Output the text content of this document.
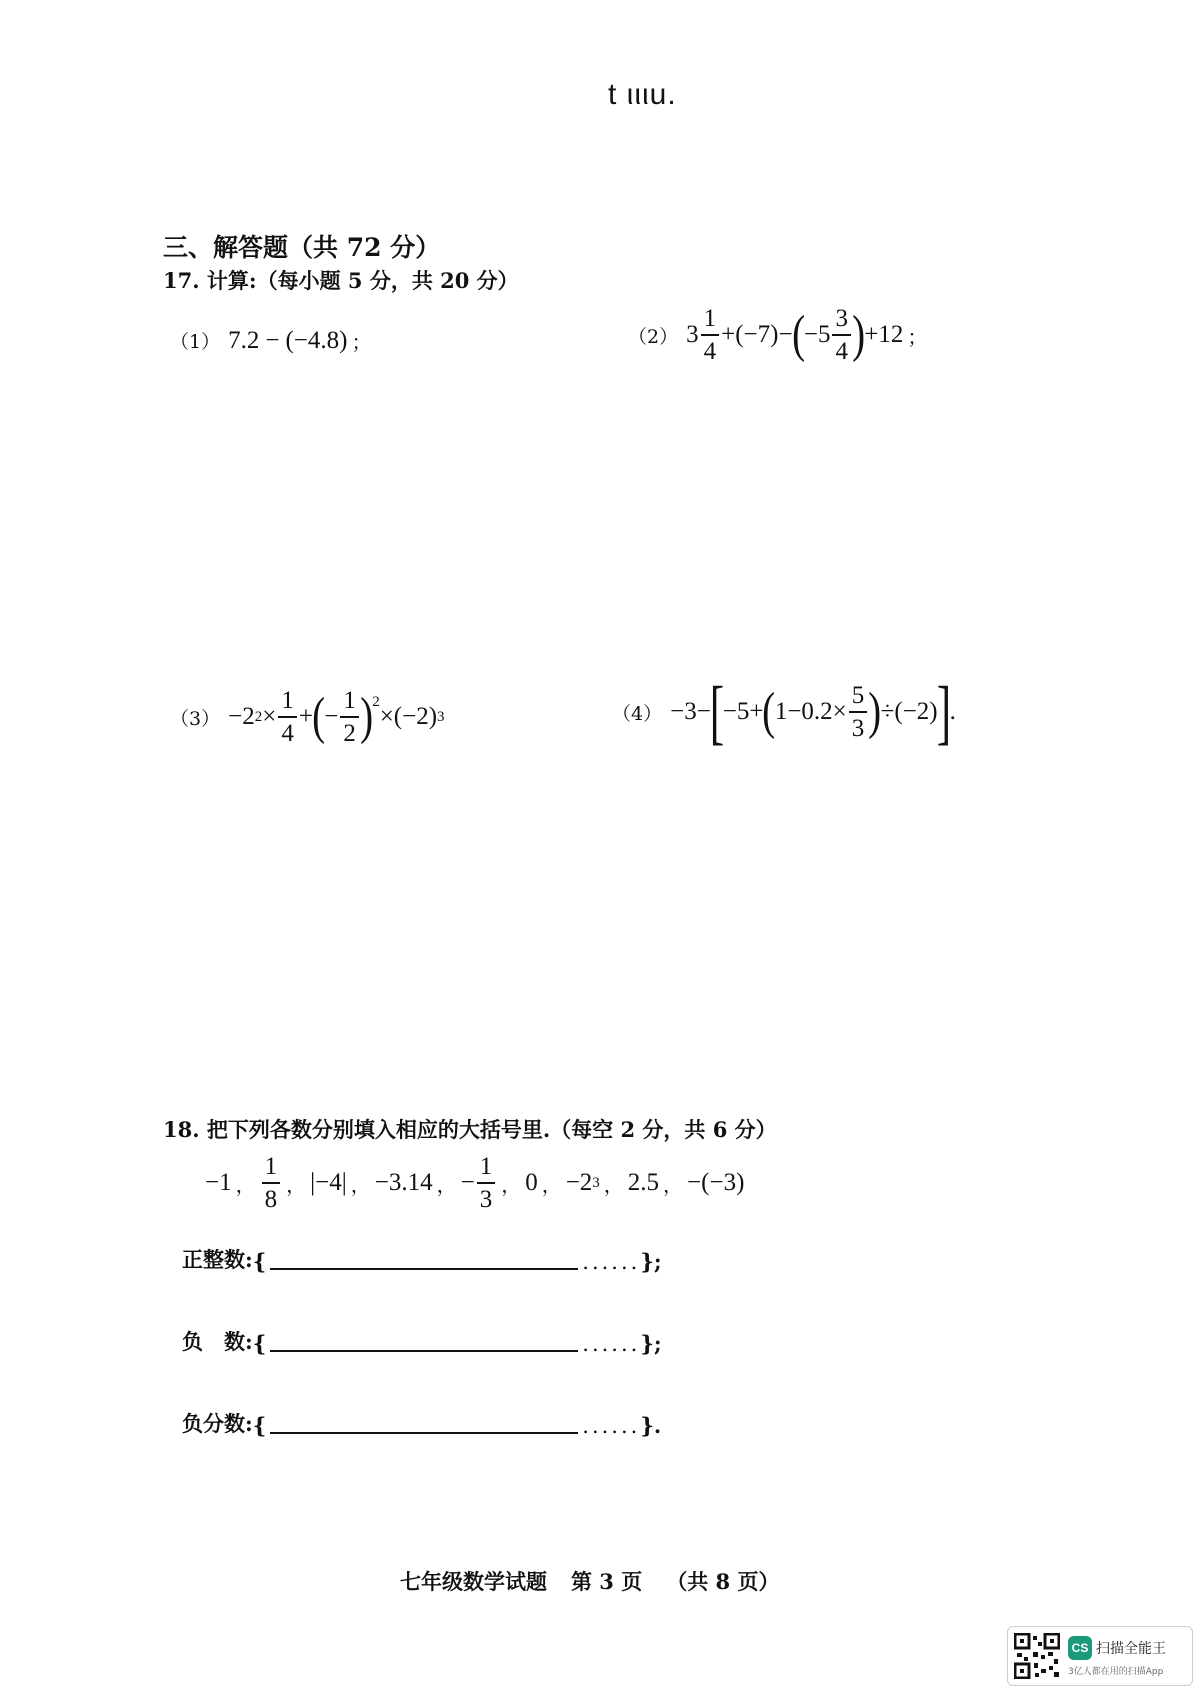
t ﻿ιιιu.
三、解答题（共 72 分）
17. 计算:（每小题 5 分，共 20 分）
（1） 7.2 − (−4.8) ；	（2） $3 \frac{1}{4} +(-7)-$ ( $-5 \frac{3}{4}$ ) +12 ；
（3） −2 $2 \times \frac{1}{4}$ + ( − $\frac{1}{2}$ ) 2
×(−2) 3	（4） −3−
[
−5+ ( $1-0.2\times \frac{5}{3}$ ) ÷(−2)
]
.
18. 把下列各数分别填入相应的大括号里.（每空 2 分，共 6 分）
−1 ， $\frac{1}{8}$ ， |−4| ， −3.14 ， − $\frac{1}{3}$ ， 0 ， −2 3 ， 2.5 ， −(−3)
正整数: {	...... };
负　数: {	...... };
负分数: {	...... }.
七年级数学试题 第 3 页 （共 8 页）
CS 扫描全能王
3亿人都在用的扫描App
